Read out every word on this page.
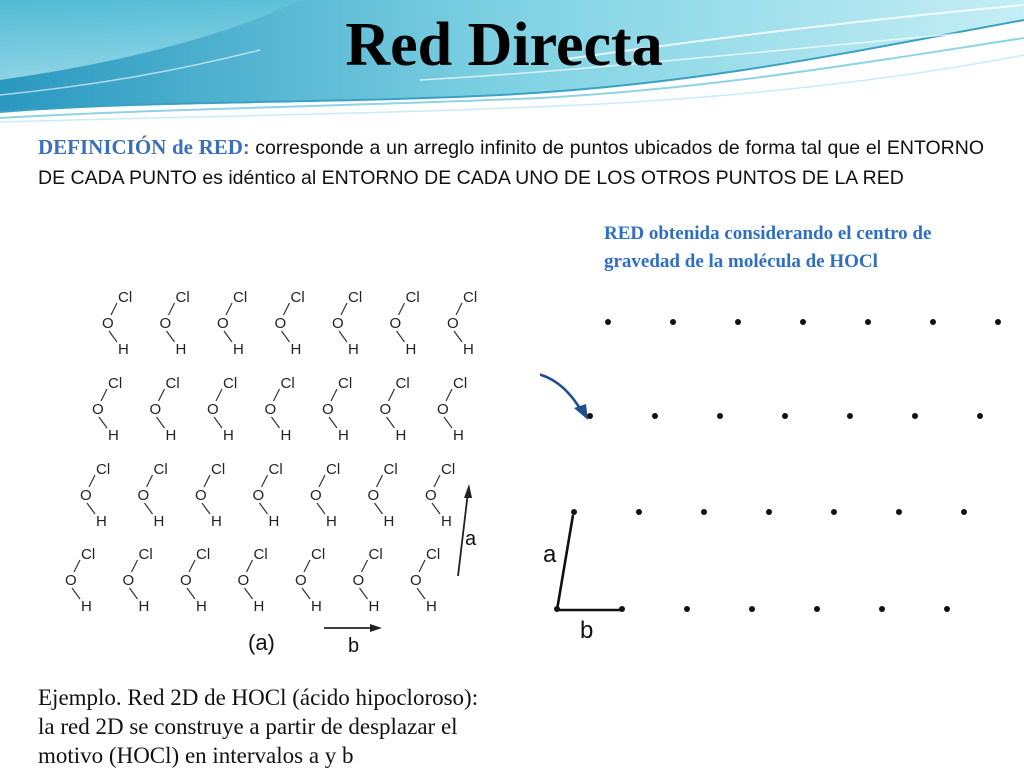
Red Directa

DEFINICIÓN de RED: corresponde a un arreglo infinito de puntos ubicados de forma tal que el ENTORNO DE CADA PUNTO es idéntico al ENTORNO DE CADA UNO DE LOS OTROS PUNTOS DE LA RED

RED obtenida considerando el centro de gravedad de la molécula de HOCl

Cl
O
H
Cl
O
H
Cl
O
H
Cl
O
H
Cl
O
H
Cl
O
H
Cl
O
H
Cl
O
H
Cl
O
H
Cl
O
H
Cl
O
H
Cl
O
H
Cl
O
H
Cl
O
H
Cl
O
H
Cl
O
H
Cl
O
H
Cl
O
H
Cl
O
H
Cl
O
H
Cl
O
H
Cl
O
H
Cl
O
H
Cl
O
H
Cl
O
H
Cl
O
H
Cl
O
H
Cl
O
H
a
b
(a)
a
b
Ejemplo. Red 2D de HOCl (ácido hipocloroso):
la red 2D se construye a partir de desplazar el
motivo (HOCl) en intervalos a y b
